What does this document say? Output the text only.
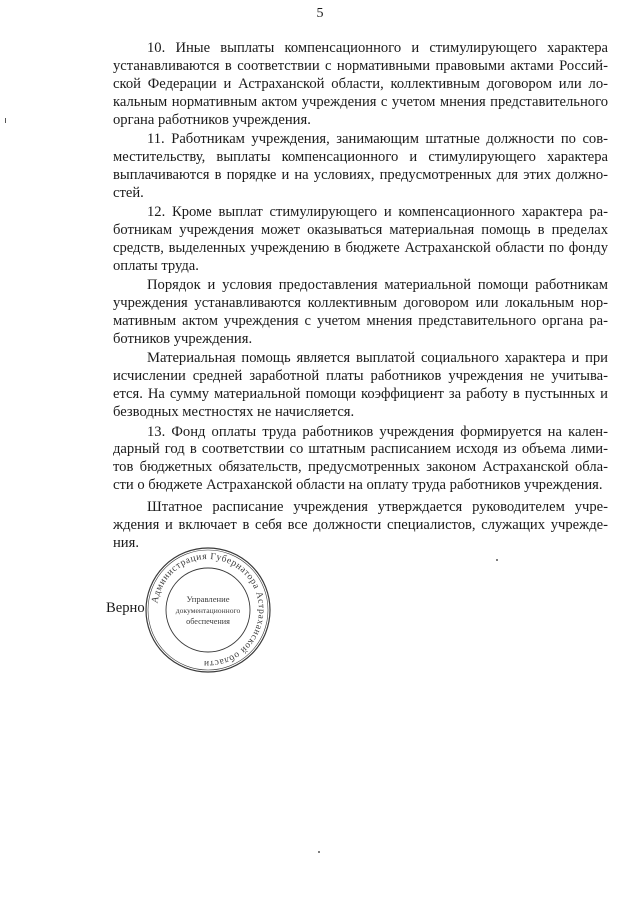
5

10. Иные выплаты компенсационного и стимулирующего характера устанавливаются в соответствии с нормативными правовыми актами Российской Федерации и Астраханской области, коллективным договором или локальным нормативным актом учреждения с учетом мнения представительного органа работников учреждения.

11. Работникам учреждения, занимающим штатные должности по совместительству, выплаты компенсационного и стимулирующего характера выплачиваются в порядке и на условиях, предусмотренных для этих должностей.

12. Кроме выплат стимулирующего и компенсационного характера работникам учреждения может оказываться материальная помощь в пределах средств, выделенных учреждению в бюджете Астраханской области по фонду оплаты труда.

Порядок и условия предоставления материальной помощи работникам учреждения устанавливаются коллективным договором или локальным нормативным актом учреждения с учетом мнения представительного органа работников учреждения.

Материальная помощь является выплатой социального характера и при исчислении средней заработной платы работников учреждения не учитывается. На сумму материальной помощи коэффициент за работу в пустынных и безводных местностях не начисляется.

13. Фонд оплаты труда работников учреждения формируется на календарный год в соответствии со штатным расписанием исходя из объема лимитов бюджетных обязательств, предусмотренных законом Астраханской области о бюджете Астраханской области на оплату труда работников учреждения.

Штатное расписание учреждения утверждается руководителем учреждения и включает в себя все должности специалистов, служащих учреждения.

Верно
Администрация Губернатора Астраханской области
Управление
документационного
обеспечения
